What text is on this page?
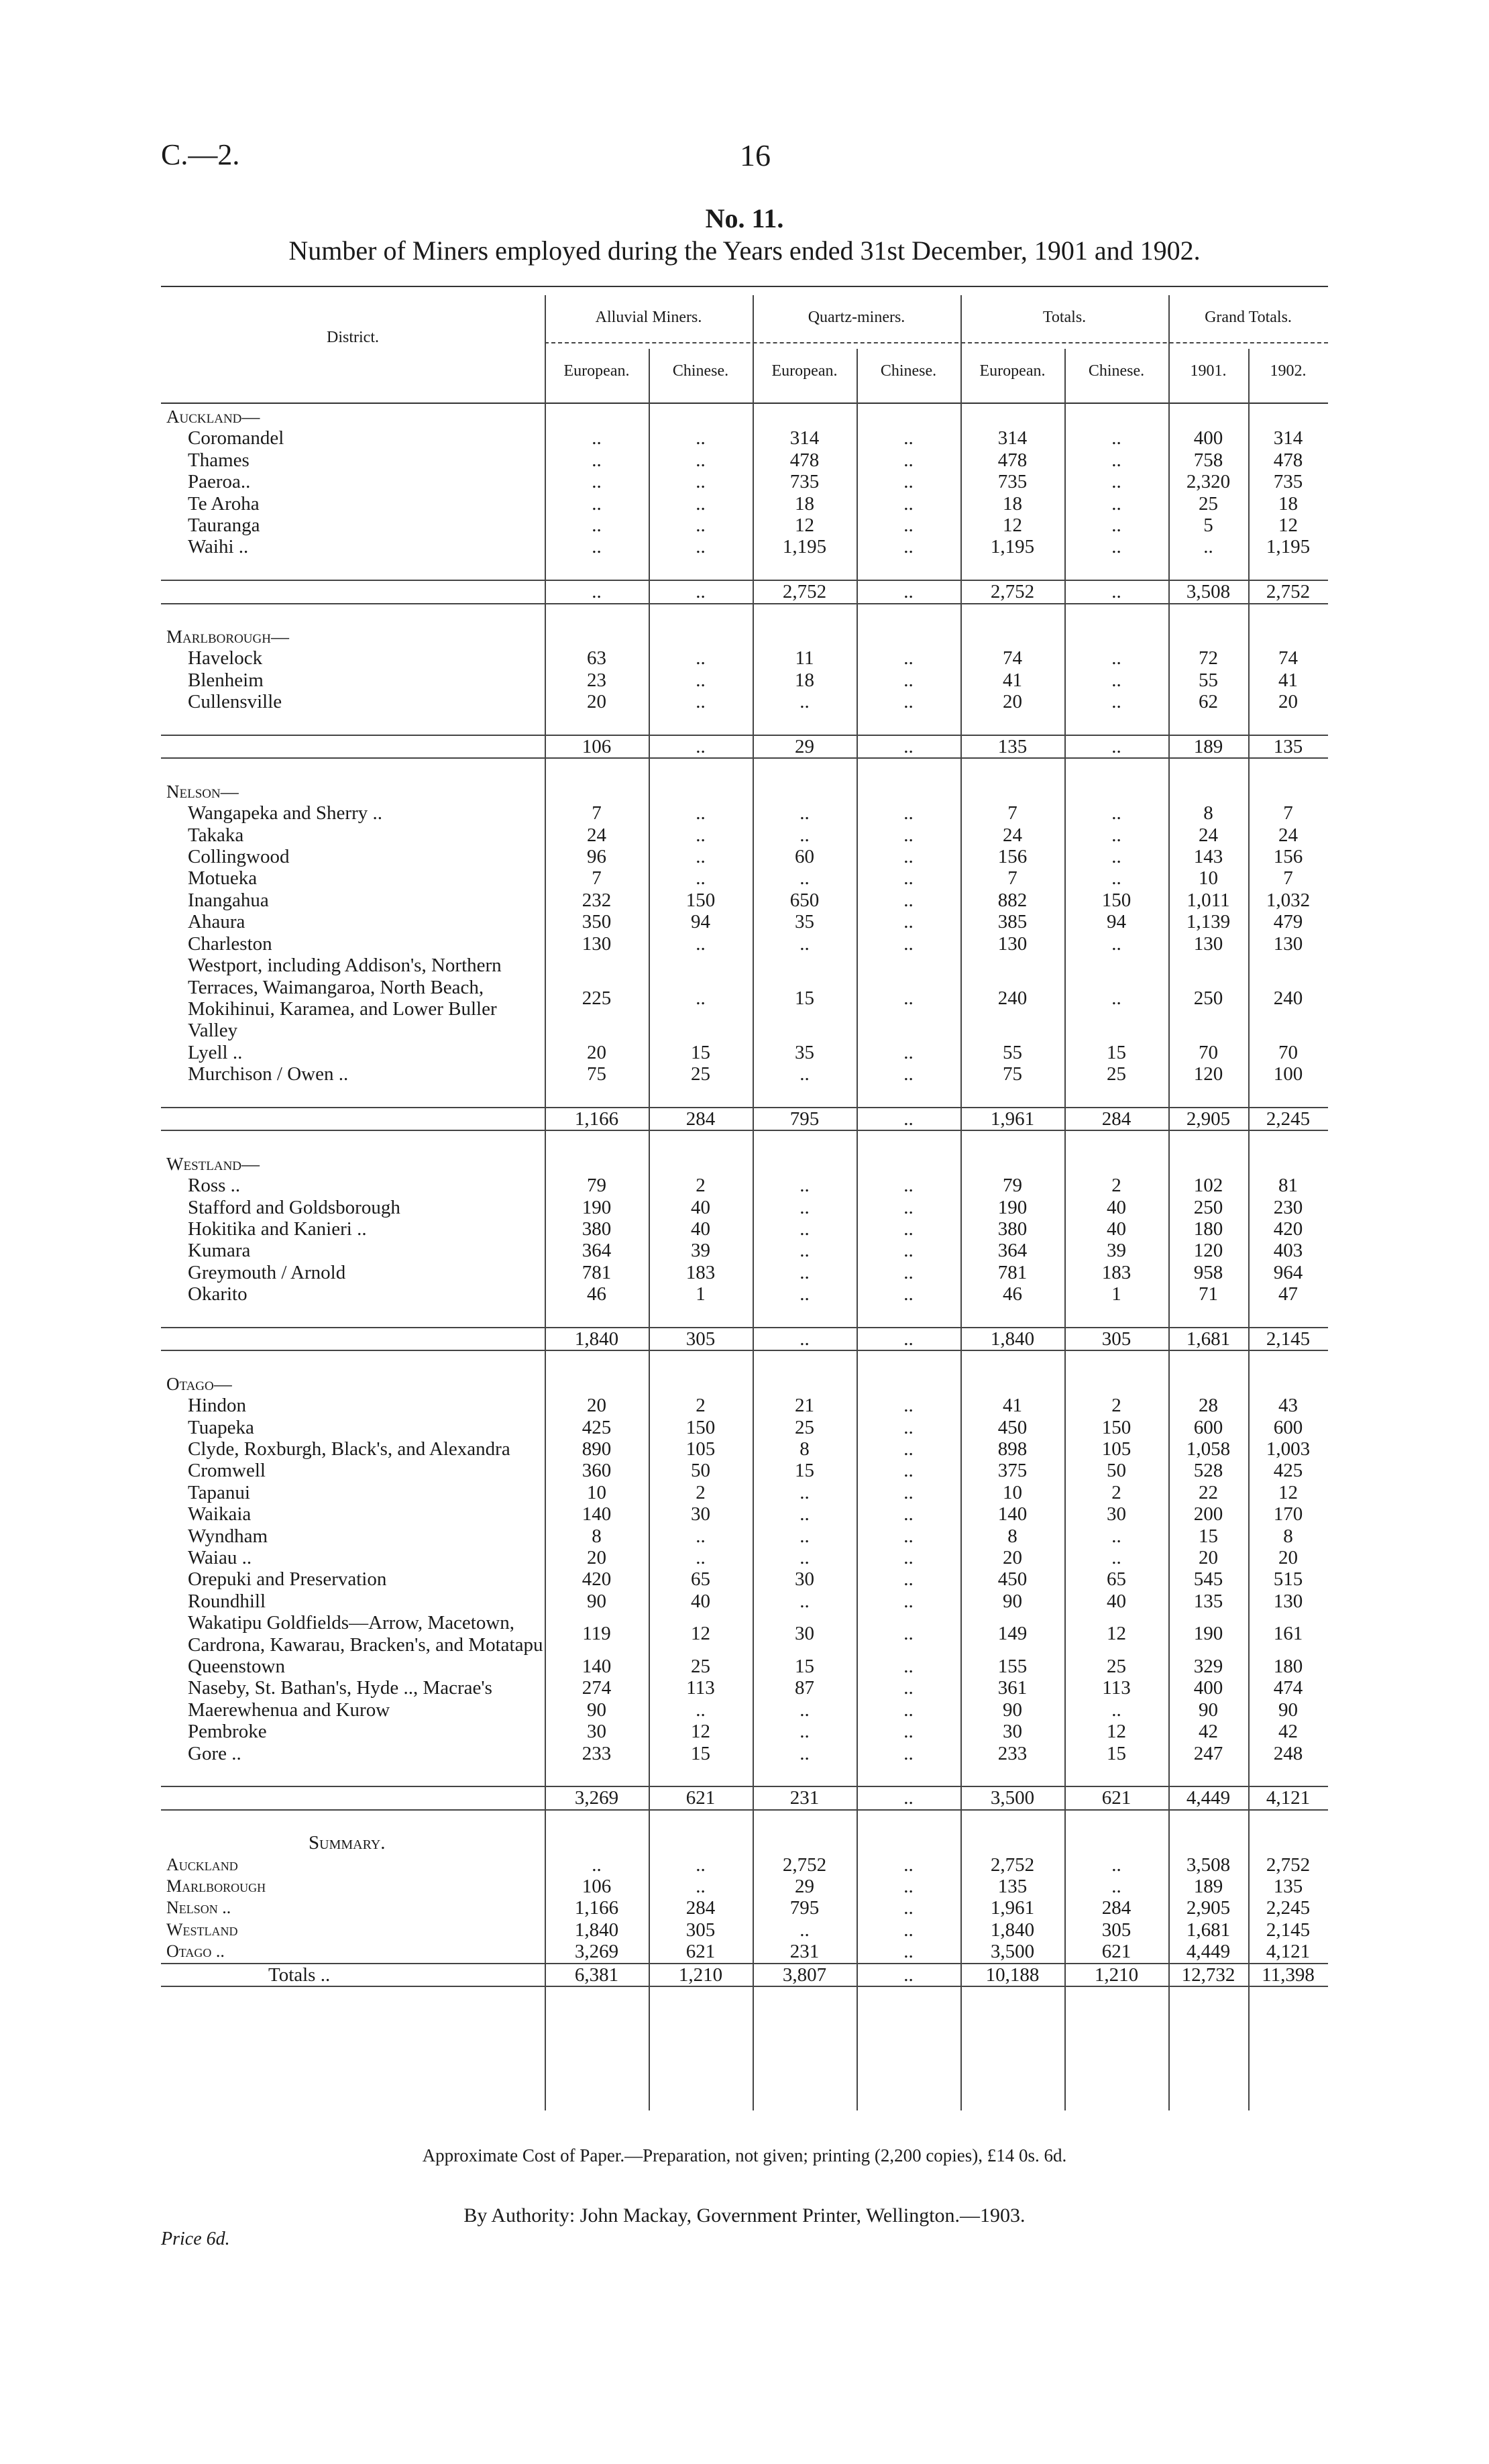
C.—2.	16
No. 11.
Number of Miners employed during the Years ended 31st December, 1901 and 1902.
District.
Alluvial Miners.	Quartz-miners.	Totals.	Grand Totals.
European.	Chinese.	European.	Chinese.	European.	Chinese.	1901.	1902.
Auckland—								
Coromandel	..	..	314	..	314	..	400	314
Thames	..	..	478	..	478	..	758	478
Paeroa..	..	..	735	..	735	..	2,320	735
Te Aroha	..	..	18	..	18	..	25	18
Tauranga	..	..	12	..	12	..	5	12
Waihi ..	..	..	1,195	..	1,195	..	..	1,195

	..	..	2,752	..	2,752	..	3,508	2,752

Marlborough—								
Havelock	63	..	11	..	74	..	72	74
Blenheim	23	..	18	..	41	..	55	41
Cullensville	20	..	..	..	20	..	62	20

	106	..	29	..	135	..	189	135

Nelson—								
Wangapeka and Sherry ..	7	..	..	..	7	..	8	7
Takaka	24	..	..	..	24	..	24	24
Collingwood	96	..	60	..	156	..	143	156
Motueka	7	..	..	..	7	..	10	7
Inangahua	232	150	650	..	882	150	1,011	1,032
Ahaura	350	94	35	..	385	94	1,139	479
Charleston	130	..	..	..	130	..	130	130
Westport, including Addison's, Northern Terraces, Waimangaroa, North Beach, Mokihinui, Karamea, and Lower Buller Valley	225	..	15	..	240	..	250	240
Lyell ..	20	15	35	..	55	15	70	70
Murchison / Owen ..	75	25	..	..	75	25	120	100

	1,166	284	795	..	1,961	284	2,905	2,245

Westland—								
Ross ..	79	2	..	..	79	2	102	81
Stafford and Goldsborough	190	40	..	..	190	40	250	230
Hokitika and Kanieri ..	380	40	..	..	380	40	180	420
Kumara	364	39	..	..	364	39	120	403
Greymouth / Arnold	781	183	..	..	781	183	958	964
Okarito	46	1	..	..	46	1	71	47

	1,840	305	..	..	1,840	305	1,681	2,145

Otago—								
Hindon	20	2	21	..	41	2	28	43
Tuapeka	425	150	25	..	450	150	600	600
Clyde, Roxburgh, Black's, and Alexandra	890	105	8	..	898	105	1,058	1,003
Cromwell	360	50	15	..	375	50	528	425
Tapanui	10	2	..	..	10	2	22	12
Waikaia	140	30	..	..	140	30	200	170
Wyndham	8	..	..	..	8	..	15	8
Waiau ..	20	..	..	..	20	..	20	20
Orepuki and Preservation	420	65	30	..	450	65	545	515
Roundhill	90	40	..	..	90	40	135	130
Wakatipu Goldfields—Arrow, Macetown, Cardrona, Kawarau, Bracken's, and Motatapu	119	12	30	..	149	12	190	161
Queenstown	140	25	15	..	155	25	329	180
Naseby, St. Bathan's, Hyde .., Macrae's	274	113	87	..	361	113	400	474
Maerewhenua and Kurow	90	..	..	..	90	..	90	90
Pembroke	30	12	..	..	30	12	42	42
Gore ..	233	15	..	..	233	15	247	248

	3,269	621	231	..	3,500	621	4,449	4,121

Summary.								
Auckland	..	..	2,752	..	2,752	..	3,508	2,752
Marlborough	106	..	29	..	135	..	189	135
Nelson ..	1,166	284	795	..	1,961	284	2,905	2,245
Westland	1,840	305	..	..	1,840	305	1,681	2,145
Otago ..	3,269	621	231	..	3,500	621	4,449	4,121
Totals ..	6,381	1,210	3,807	..	10,188	1,210	12,732	11,398
Approximate Cost of Paper.—Preparation, not given; printing (2,200 copies), £14 0s. 6d.
By Authority: John Mackay, Government Printer, Wellington.—1903.
Price 6d.
